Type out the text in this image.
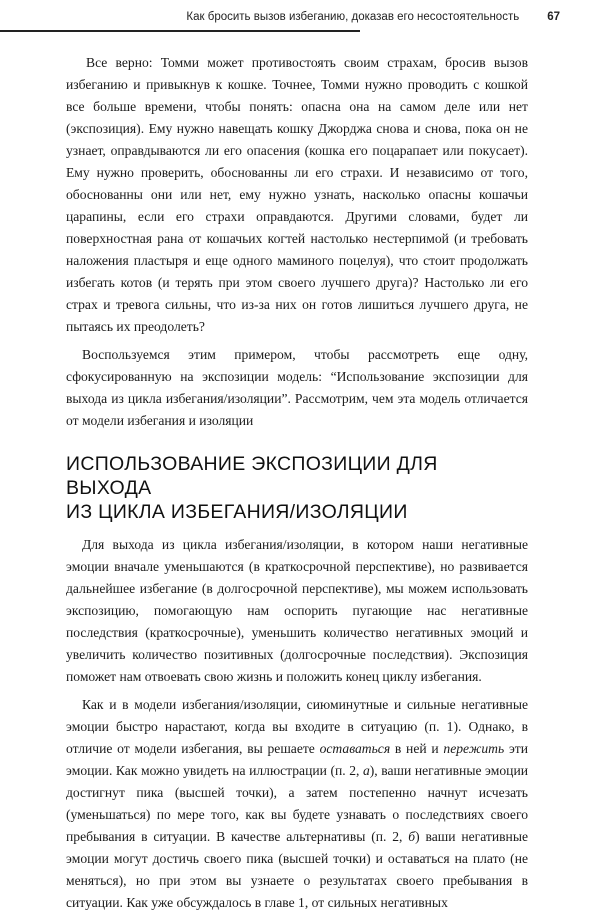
Как бросить вызов избеганию, доказав его несостоятельность 67

Все верно: Томми может противостоять своим страхам, бросив вызов избеганию и привыкнув к кошке. Точнее, Томми нужно проводить с кошкой все больше времени, чтобы понять: опасна она на самом деле или нет (экспозиция). Ему нужно навещать кошку Джорджа снова и снова, пока он не узнает, оправдываются ли его опасения (кошка его поцарапает или покусает). Ему нужно проверить, обоснованны ли его страхи. И независимо от того, обоснованны они или нет, ему нужно узнать, насколько опасны кошачьи царапины, если его страхи оправдаются. Другими словами, будет ли поверхностная рана от кошачьих когтей настолько нестерпимой (и требовать наложения пластыря и еще одного маминого поцелуя), что стоит продолжать избегать котов (и терять при этом своего лучшего друга)? Настолько ли его страх и тревога сильны, что из-за них он готов лишиться лучшего друга, не пытаясь их преодолеть?

Воспользуемся этим примером, чтобы рассмотреть еще одну, сфокусированную на экспозиции модель: “Использование экспозиции для выхода из цикла избегания/изоляции”. Рассмотрим, чем эта модель отличается от модели избегания и изоляции

ИСПОЛЬЗОВАНИЕ ЭКСПОЗИЦИИ ДЛЯ ВЫХОДА
ИЗ ЦИКЛА ИЗБЕГАНИЯ/ИЗОЛЯЦИИ

Для выхода из цикла избегания/изоляции, в котором наши негативные эмоции вначале уменьшаются (в краткосрочной перспективе), но развивается дальнейшее избегание (в долгосрочной перспективе), мы можем использовать экспозицию, помогающую нам оспорить пугающие нас негативные последствия (краткосрочные), уменьшить количество негативных эмоций и увеличить количество позитивных (долгосрочные последствия). Экспозиция поможет нам отвоевать свою жизнь и положить конец циклу избегания.

Как и в модели избегания/изоляции, сиюминутные и сильные негативные эмоции быстро нарастают, когда вы входите в ситуацию (п. 1). Однако, в отличие от модели избегания, вы решаете оставаться в ней и пережить эти эмоции. Как можно увидеть на иллюстрации (п. 2, а), ваши негативные эмоции достигнут пика (высшей точки), а затем постепенно начнут исчезать (уменьшаться) по мере того, как вы будете узнавать о последствиях своего пребывания в ситуации. В качестве альтернативы (п. 2, б) ваши негативные эмоции могут достичь своего пика (высшей точки) и оставаться на плато (не меняться), но при этом вы узнаете о результатах своего пребывания в ситуации. Как уже обсуждалось в главе 1, от сильных негативных
